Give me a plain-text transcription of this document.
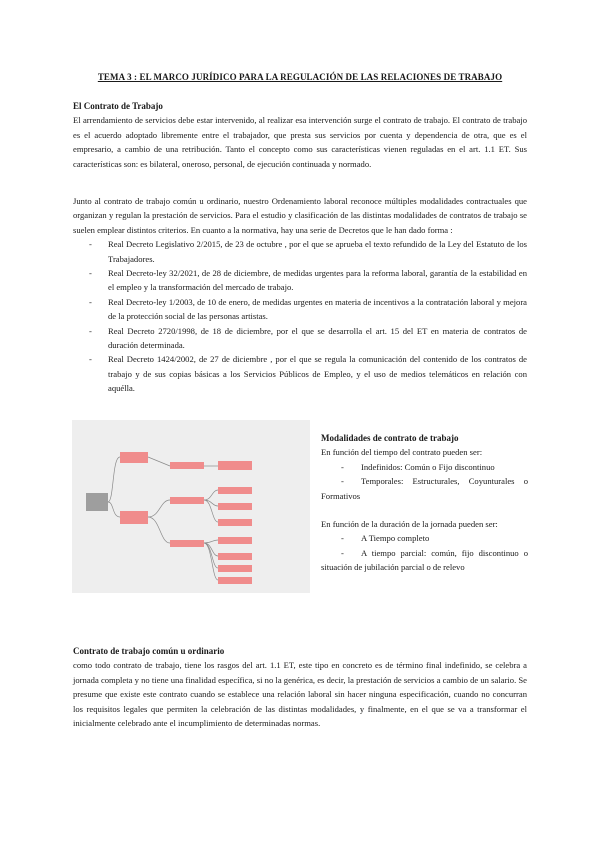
TEMA 3 : EL MARCO JURÍDICO PARA LA REGULACIÓN DE LAS RELACIONES DE TRABAJO
El Contrato de Trabajo

El arrendamiento de servicios debe estar intervenido, al realizar esa intervención surge el contrato de trabajo. El contrato de trabajo es el acuerdo adoptado libremente entre el trabajador, que presta sus servicios por cuenta y dependencia de otra, que es el empresario, a cambio de una retribución. Tanto el concepto como sus características vienen reguladas en el art. 1.1 ET. Sus características son: es bilateral, oneroso, personal, de ejecución continuada y normado.

Junto al contrato de trabajo común u ordinario, nuestro Ordenamiento laboral reconoce múltiples modalidades contractuales que organizan y regulan la prestación de servicios. Para el estudio y clasificación de las distintas modalidades de contratos de trabajo se suelen emplear distintos criterios. En cuanto a la normativa, hay una serie de Decretos que le han dado forma :

- Real Decreto Legislativo 2/2015, de 23 de octubre , por el que se aprueba el texto refundido de la Ley del Estatuto de los Trabajadores.
- Real Decreto-ley 32/2021, de 28 de diciembre, de medidas urgentes para la reforma laboral, garantía de la estabilidad en el empleo y la transformación del mercado de trabajo.
- Real Decreto-ley 1/2003, de 10 de enero, de medidas urgentes en materia de incentivos a la contratación laboral y mejora de la protección social de las personas artistas.
- Real Decreto 2720/1998, de 18 de diciembre, por el que se desarrolla el art. 15 del ET en materia de contratos de duración determinada.
- Real Decreto 1424/2002, de 27 de diciembre , por el que se regula la comunicación del contenido de los contratos de trabajo y de sus copias básicas a los Servicios Públicos de Empleo, y el uso de medios telemáticos en relación con aquélla.
Modalidades de contrato de trabajo

En función del tiempo del contrato pueden ser:

- Indefinidos: Común o Fijo discontinuo
- Temporales: Estructurales, Coyunturales o Formativos

En función de la duración de la jornada pueden ser:

- A Tiempo completo
- A tiempo parcial: común, fijo discontinuo o situación de jubilación parcial o de relevo
Contrato de trabajo común u ordinario

como todo contrato de trabajo, tiene los rasgos del art. 1.1 ET, este tipo en concreto es de término final indefinido, se celebra a jornada completa y no tiene una finalidad específica, si no la genérica, es decir, la prestación de servicios a cambio de un salario. Se presume que existe este contrato cuando se establece una relación laboral sin hacer ninguna especificación, cuando no concurran los requisitos legales que permiten la celebración de las distintas modalidades, y finalmente, en el que se va a transformar el inicialmente celebrado ante el incumplimiento de determinadas normas.
